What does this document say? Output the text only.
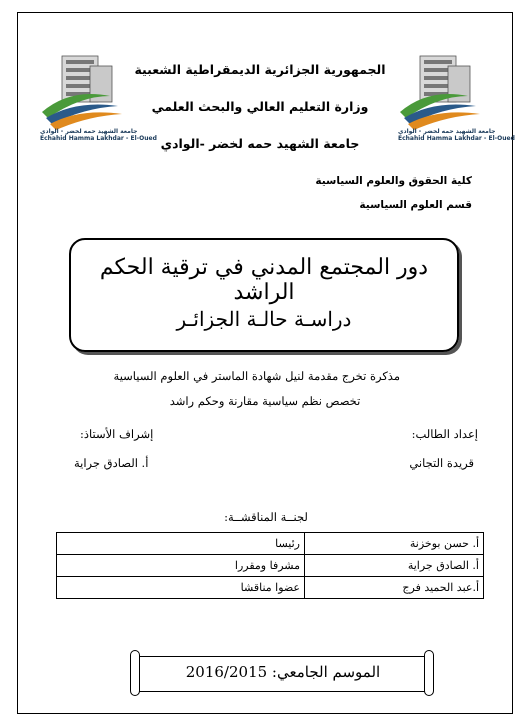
جامعة الشهيد حمه لخضر - الوادي
Echahid Hamma Lakhdar - El-Oued
جامعة الشهيد حمه لخضر - الوادي
Echahid Hamma Lakhdar - El-Oued
الجمهورية الجزائرية الديمقراطية الشعبية
وزارة التعليم العالي والبحث العلمي
جامعة الشهيد حمه لخضر -الوادي
كلية الحقوق والعلوم السياسية
قسم العلوم السياسية
دور المجتمع المدني في ترقية الحكم الراشد
دراسـة حالـة الجزائـر
مذكرة تخرج مقدمة لنيل شهادة الماستر في العلوم السياسية
تخصص نظم سياسية مقارنة وحكم راشد
إعداد الطالب:
قريدة التجاني
إشراف الأستاذ:
أ. الصادق جراية
لجنــة المناقشــة:
أ. حسن بوخزنة	رئيسا
أ. الصادق جراية	مشرفا ومقررا
أ.عبد الحميد فرج	عضوا مناقشا
الموسم الجامعي: 2016/2015
